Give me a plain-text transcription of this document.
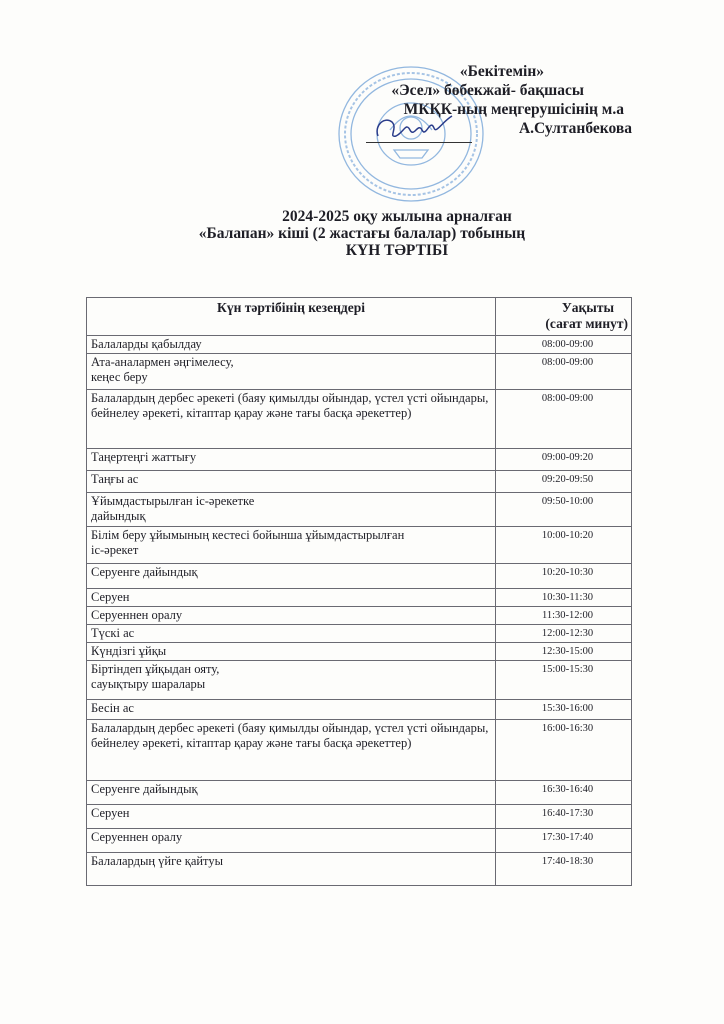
«Бекітемін»
«Эсел» бөбекжай- бақшасы
МКҚК-ның меңгерушісінің м.а
А.Султанбекова
2024-2025 оқу жылына арналған
«Балапан» кіші (2 жастағы балалар) тобының
КҮН ТӘРТІБІ
Күн тәртібінің кезеңдері	Уақыты
(сағат минут)

Балаларды қабылдау	08:00-09:00
Ата-аналармен әңгімелесу,
кеңес беру	08:00-09:00
Балалардың дербес әрекеті (баяу қимылды ойындар, үстел үсті ойындары, бейнелеу әрекеті, кітаптар қарау және тағы басқа әрекеттер)	08:00-09:00
Таңертеңгі жаттығу	09:00-09:20
Таңғы ас	09:20-09:50
Ұйымдастырылған іс-әрекетке
дайындық	09:50-10:00
Білім беру ұйымының кестесі бойынша ұйымдастырылған
іс-әрекет	10:00-10:20
Серуенге дайындық	10:20-10:30
Серуен	10:30-11:30
Серуеннен оралу	11:30-12:00
Түскі ас	12:00-12:30
Күндізгі ұйқы	12:30-15:00
Біртіндеп ұйқыдан ояту,
сауықтыру шаралары	15:00-15:30
Бесін ас	15:30-16:00
Балалардың дербес әрекеті (баяу қимылды ойындар, үстел үсті ойындары, бейнелеу әрекеті, кітаптар қарау және тағы басқа әрекеттер)	16:00-16:30
Серуенге дайындық	16:30-16:40
Серуен	16:40-17:30
Серуеннен оралу	17:30-17:40
Балалардың үйге қайтуы	17:40-18:30
